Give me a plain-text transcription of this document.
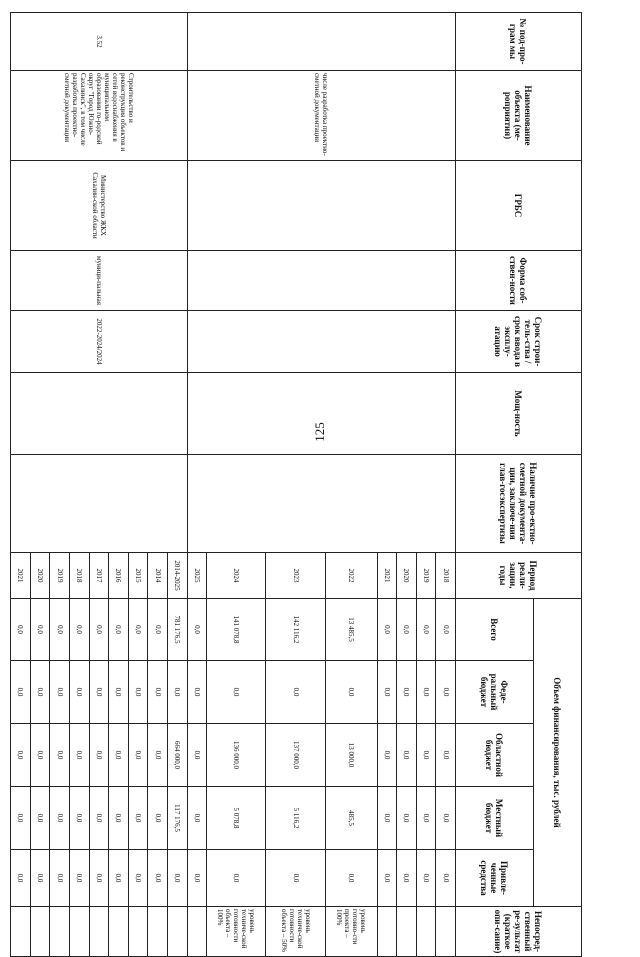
125
№ под-про-грам мы	Наименование объекта (ме-роприятия)	ГРБС	Форма соб-ствен-ности	Срок строи-тель-ства / срок ввода в эксплу-атацию	Мощ-ность	Наличие про-ектно-сметной документа-ции, заключе-ния глав-госэкспертизы	Период реали-зации, годы	Объем финансирования, тыс. рублей					Непосред-ственный ре-зультат (краткое опи-сание)
								Всего	Феде-ральный бюджет	Областной бюджет	Местный бюджет	Привле-ченные средства	
	числе разработка проектно-сметной документации						2018	0,0	0,0	0,0	0,0	0,0	
							2019	0,0	0,0	0,0	0,0	0,0	
							2020	0,0	0,0	0,0	0,0	0,0	
							2021	0,0	0,0	0,0	0,0	0,0	
							2022	13 485,5	0,0	13 000,0	485,5	0,0	уровень готовно-сти проекта – 100%
							2023	142 116,2	0,0	137 000,0	5 116,2	0,0	уровень техниче-ской готовности объекта – 50%
							2024	141 078,8	0,0	136 000,0	5 078,8	0,0	уровень техниче-ской готовности объекта – 100%
							2025	0,0	0,0	0,0	0,0	0,0	
3.52	Строительство и реконструкция объектов и сетей водоснабжения в муниципальном образовании го-родской округ "Город Южно-Сахалинск", в том числе разработка проектно-сметной документации	Министерство ЖКХ Сахалин-ской области	муници-пальная	2022-2024/2024			2014-2025	781 176,5	0,0	664 000,0	117 176,5	0,0	
							2014	0,0	0,0	0,0	0,0	0,0	
							2015	0,0	0,0	0,0	0,0	0,0	
							2016	0,0	0,0	0,0	0,0	0,0	
							2017	0,0	0,0	0,0	0,0	0,0	
							2018	0,0	0,0	0,0	0,0	0,0	
							2019	0,0	0,0	0,0	0,0	0,0	
							2020	0,0	0,0	0,0	0,0	0,0	
							2021	0,0	0,0	0,0	0,0	0,0	
